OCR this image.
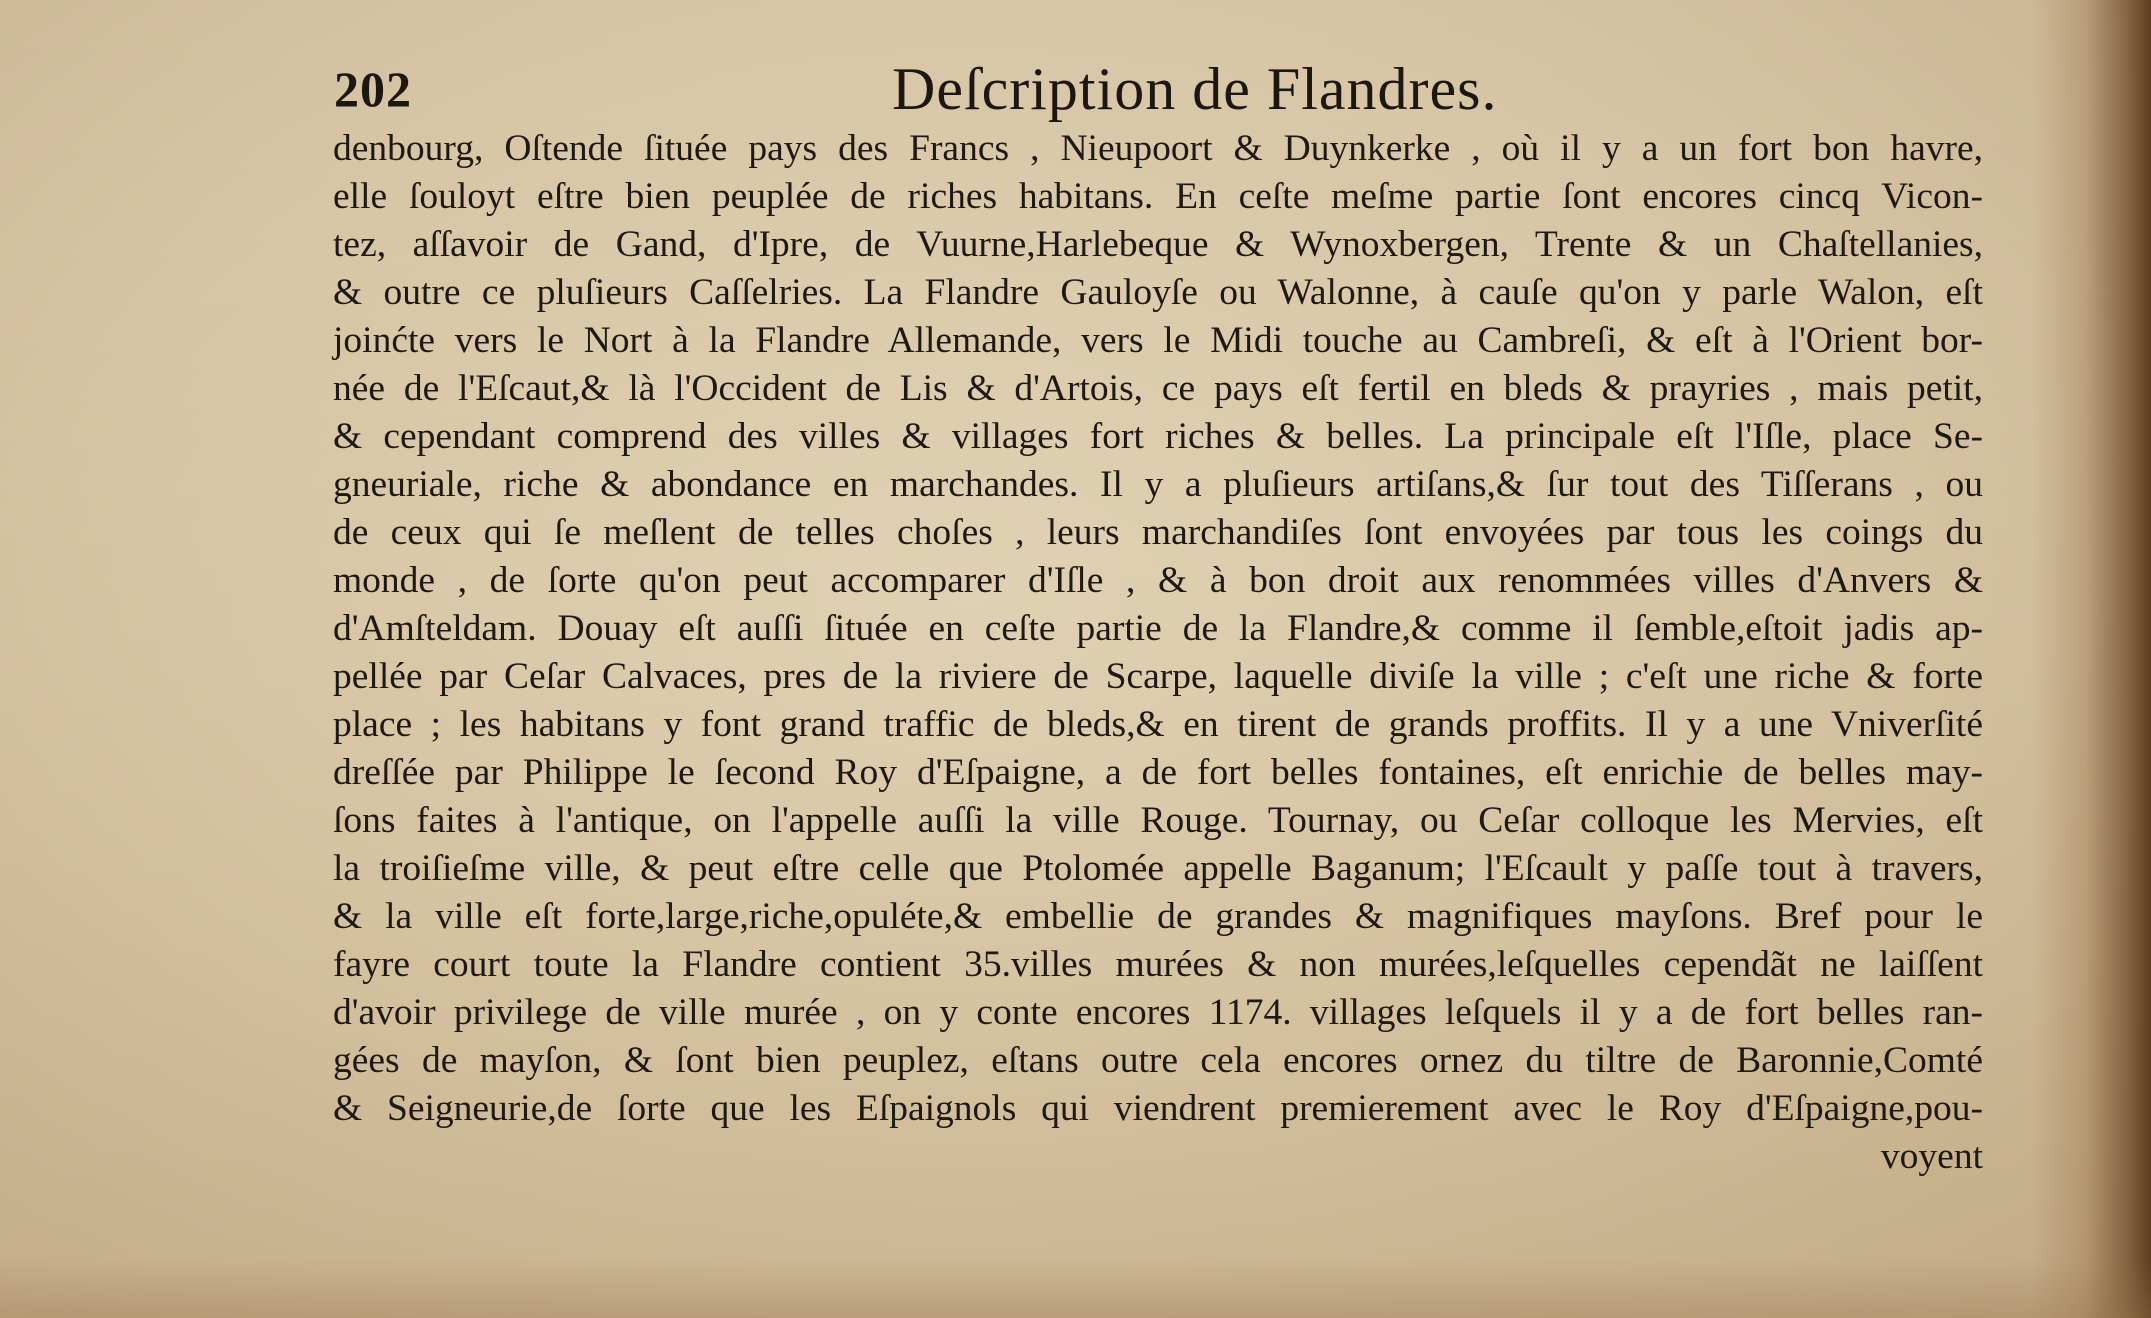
202	Deſcription de Flandres.
denbourg, Oſtende ſituée pays des Francs , Nieupoort & Duynkerke , où il y a un fort bon havre,
elle ſouloyt eſtre bien peuplée de riches habitans. En ceſte meſme partie ſont encores cincq Vicon-
tez, aſſavoir de Gand, d'Ipre, de Vuurne,Harlebeque & Wynoxbergen, Trente & un Chaſtellanies,
& outre ce pluſieurs Caſſelries. La Flandre Gauloyſe ou Walonne, à cauſe qu'on y parle Walon, eſt
joinćte vers le Nort à la Flandre Allemande, vers le Midi touche au Cambreſi, & eſt à l'Orient bor-
née de l'Eſcaut,& là l'Occident de Lis & d'Artois, ce pays eſt fertil en bleds & prayries , mais petit,
& cependant comprend des villes & villages fort riches & belles. La principale eſt l'Iſle, place Se-
gneuriale, riche & abondance en marchandes. Il y a pluſieurs artiſans,& ſur tout des Tiſſerans , ou
de ceux qui ſe meſlent de telles choſes , leurs marchandiſes ſont envoyées par tous les coings du
monde , de ſorte qu'on peut accomparer d'Iſle , & à bon droit aux renommées villes d'Anvers &
d'Amſteldam. Douay eſt auſſi ſituée en ceſte partie de la Flandre,& comme il ſemble,eſtoit jadis ap-
pellée par Ceſar Calvaces, pres de la riviere de Scarpe, laquelle diviſe la ville ; c'eſt une riche & forte
place ; les habitans y font grand traffic de bleds,& en tirent de grands proffits. Il y a une Vniverſité
dreſſée par Philippe le ſecond Roy d'Eſpaigne, a de fort belles fontaines, eſt enrichie de belles may-
ſons faites à l'antique, on l'appelle auſſi la ville Rouge. Tournay, ou Ceſar colloque les Mervies, eſt
la troiſieſme ville, & peut eſtre celle que Ptolomée appelle Baganum; l'Eſcault y paſſe tout à travers,
& la ville eſt forte,large,riche,opuléte,& embellie de grandes & magnifiques mayſons. Bref pour le
fayre court toute la Flandre contient 35.villes murées & non murées,leſquelles cependãt ne laiſſent
d'avoir privilege de ville murée , on y conte encores 1174. villages leſquels il y a de fort belles ran-
gées de mayſon, & ſont bien peuplez, eſtans outre cela encores ornez du tiltre de Baronnie,Comté
& Seigneurie,de ſorte que les Eſpaignols qui viendrent premierement avec le Roy d'Eſpaigne,pou-
voyent
